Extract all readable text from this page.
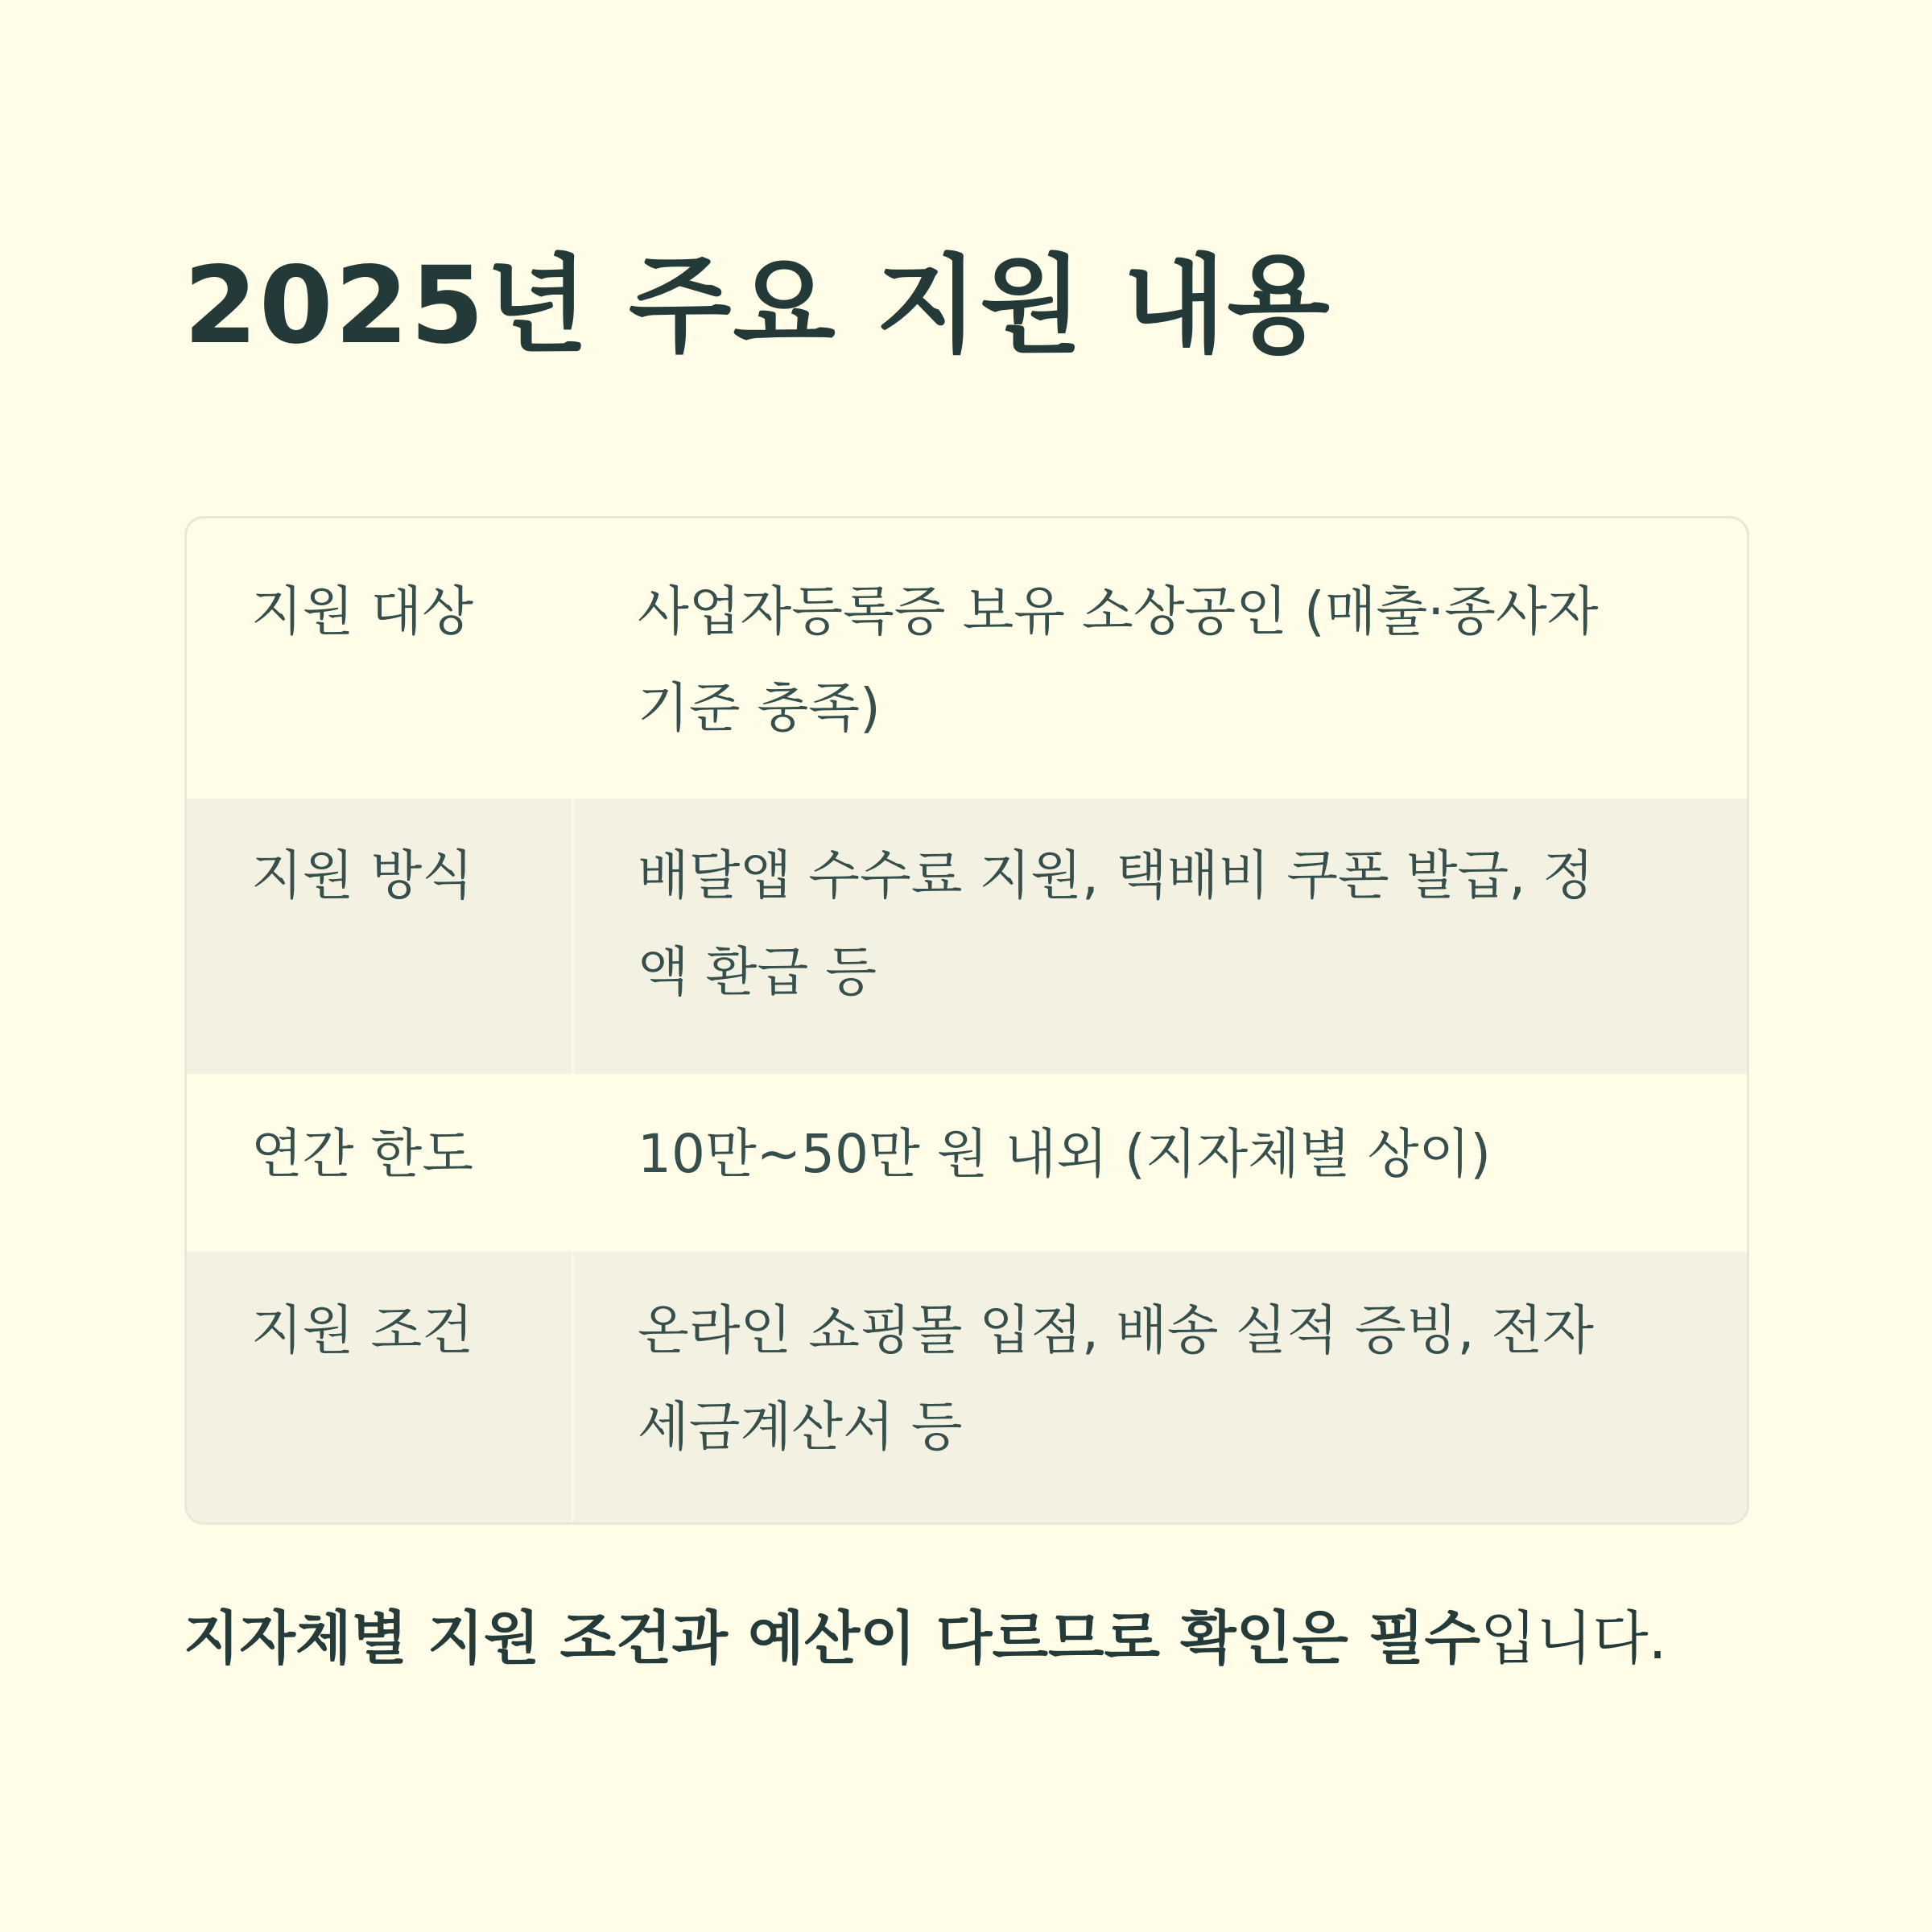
2025년 주요 지원 내용
지원 대상	사업자등록증 보유 소상공인 (매출·종사자
기준 충족)
지원 방식	배달앱 수수료 지원, 택배비 쿠폰 발급, 정
액 환급 등
연간 한도	10만~50만 원 내외 (지자체별 상이)
지원 조건	온라인 쇼핑몰 입점, 배송 실적 증빙, 전자
세금계산서 등

지자체별 지원 조건과 예산이 다르므로 확인은 필수입니다.
